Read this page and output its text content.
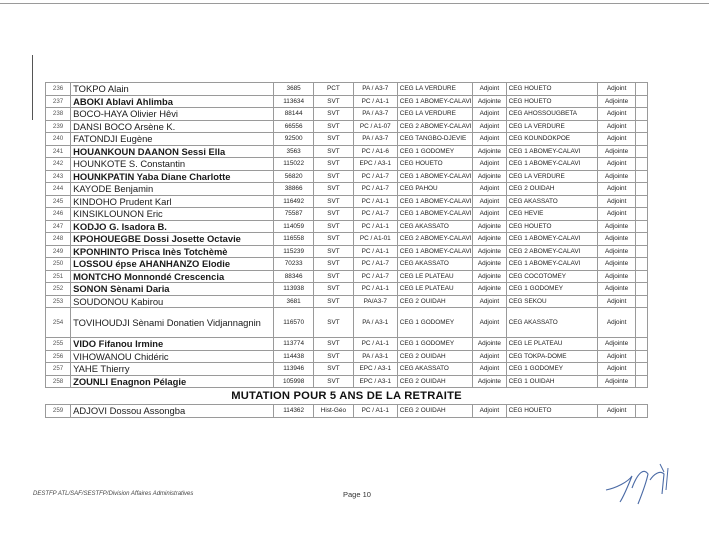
236	TOKPO Alain	3685	PCT	PA / A3-7	CEG LA VERDURE	Adjoint	CEG HOUETO	Adjoint	
237	ABOKI Ablavi Ahlimba	113634	SVT	PC / A1-1	CEG 1 ABOMEY-CALAVI	Adjointe	CEG HOUETO	Adjointe	
238	BOCO-HAYA Olivier Hêvi	88144	SVT	PA / A3-7	CEG LA VERDURE	Adjoint	CEG AHOSSOUGBETA	Adjoint	
239	DANSI BOCO Arsène K.	66556	SVT	PC / A1-07	CEG 2 ABOMEY-CALAVI	Adjoint	CEG LA VERDURE	Adjoint	
240	FATONDJI Eugène	92500	SVT	PA / A3-7	CEG TANGBO-DJEVIE	Adjoint	CEG KOUNDOKPOE	Adjoint	
241	HOUANKOUN DAANON Sessi Ella	3563	SVT	PC / A1-6	CEG 1 GODOMEY	Adjointe	CEG 1 ABOMEY-CALAVI	Adjointe	
242	HOUNKOTE S. Constantin	115022	SVT	EPC / A3-1	CEG HOUETO	Adjoint	CEG 1 ABOMEY-CALAVI	Adjoint	
243	HOUNKPATIN Yaba Diane Charlotte	56820	SVT	PC / A1-7	CEG 1 ABOMEY-CALAVI	Adjointe	CEG LA VERDURE	Adjointe	
244	KAYODE Benjamin	38866	SVT	PC / A1-7	CEG PAHOU	Adjoint	CEG 2 OUIDAH	Adjoint	
245	KINDOHO Prudent Karl	116492	SVT	PC / A1-1	CEG 1 ABOMEY-CALAVI	Adjoint	CEG AKASSATO	Adjoint	
246	KINSIKLOUNON Eric	75587	SVT	PC / A1-7	CEG 1 ABOMEY-CALAVI	Adjoint	CEG HEVIE	Adjoint	
247	KODJO G. Isadora B.	114059	SVT	PC / A1-1	CEG AKASSATO	Adjointe	CEG HOUETO	Adjointe	
248	KPOHOUEGBE Dossi Josette Octavie	116558	SVT	PC / A1-01	CEG 2 ABOMEY-CALAVI	Adjointe	CEG 1 ABOMEY-CALAVI	Adjointe	
249	KPONHINTO Prisca Inès Totchèmè	115239	SVT	PC / A1-1	CEG 1 ABOMEY-CALAVI	Adjointe	CEG 2 ABOMEY-CALAVI	Adjointe	
250	LOSSOU épse AHANHANZO Elodie	70233	SVT	PC / A1-7	CEG AKASSATO	Adjointe	CEG 1 ABOMEY-CALAVI	Adjointe	
251	MONTCHO Monnondé Crescencia	88346	SVT	PC / A1-7	CEG LE PLATEAU	Adjointe	CEG COCOTOMEY	Adjointe	
252	SONON Sènami Daria	113938	SVT	PC / A1-1	CEG LE PLATEAU	Adjointe	CEG 1 GODOMEY	Adjointe	
253	SOUDONOU Kabirou	3681	SVT	PA/A3-7	CEG 2 OUIDAH	Adjoint	CEG SEKOU	Adjoint	
254	TOVIHOUDJI Sènami Donatien Vidjannagnin	116570	SVT	PA / A3-1	CEG 1 GODOMEY	Adjoint	CEG AKASSATO	Adjoint	
255	VIDO Fifanou Irmine	113774	SVT	PC / A1-1	CEG 1 GODOMEY	Adjointe	CEG LE PLATEAU	Adjointe	
256	VIHOWANOU Chidéric	114438	SVT	PA / A3-1	CEG 2 OUIDAH	Adjoint	CEG TOKPA-DOME	Adjoint	
257	YAHE Thierry	113946	SVT	EPC / A3-1	CEG AKASSATO	Adjoint	CEG 1 GODOMEY	Adjoint	
258	ZOUNLI Enagnon Pélagie	105998	SVT	EPC / A3-1	CEG 2 OUIDAH	Adjointe	CEG 1 OUIDAH	Adjointe	
MUTATION POUR 5 ANS DE LA RETRAITE									
259	ADJOVI Dossou Assongba	114362	Hist-Géo	PC / A1-1	CEG 2 OUIDAH	Adjoint	CEG HOUETO	Adjoint	
DESTFP ATL/SAF/SESTFP/Division Affaires Administratives	Page 10
